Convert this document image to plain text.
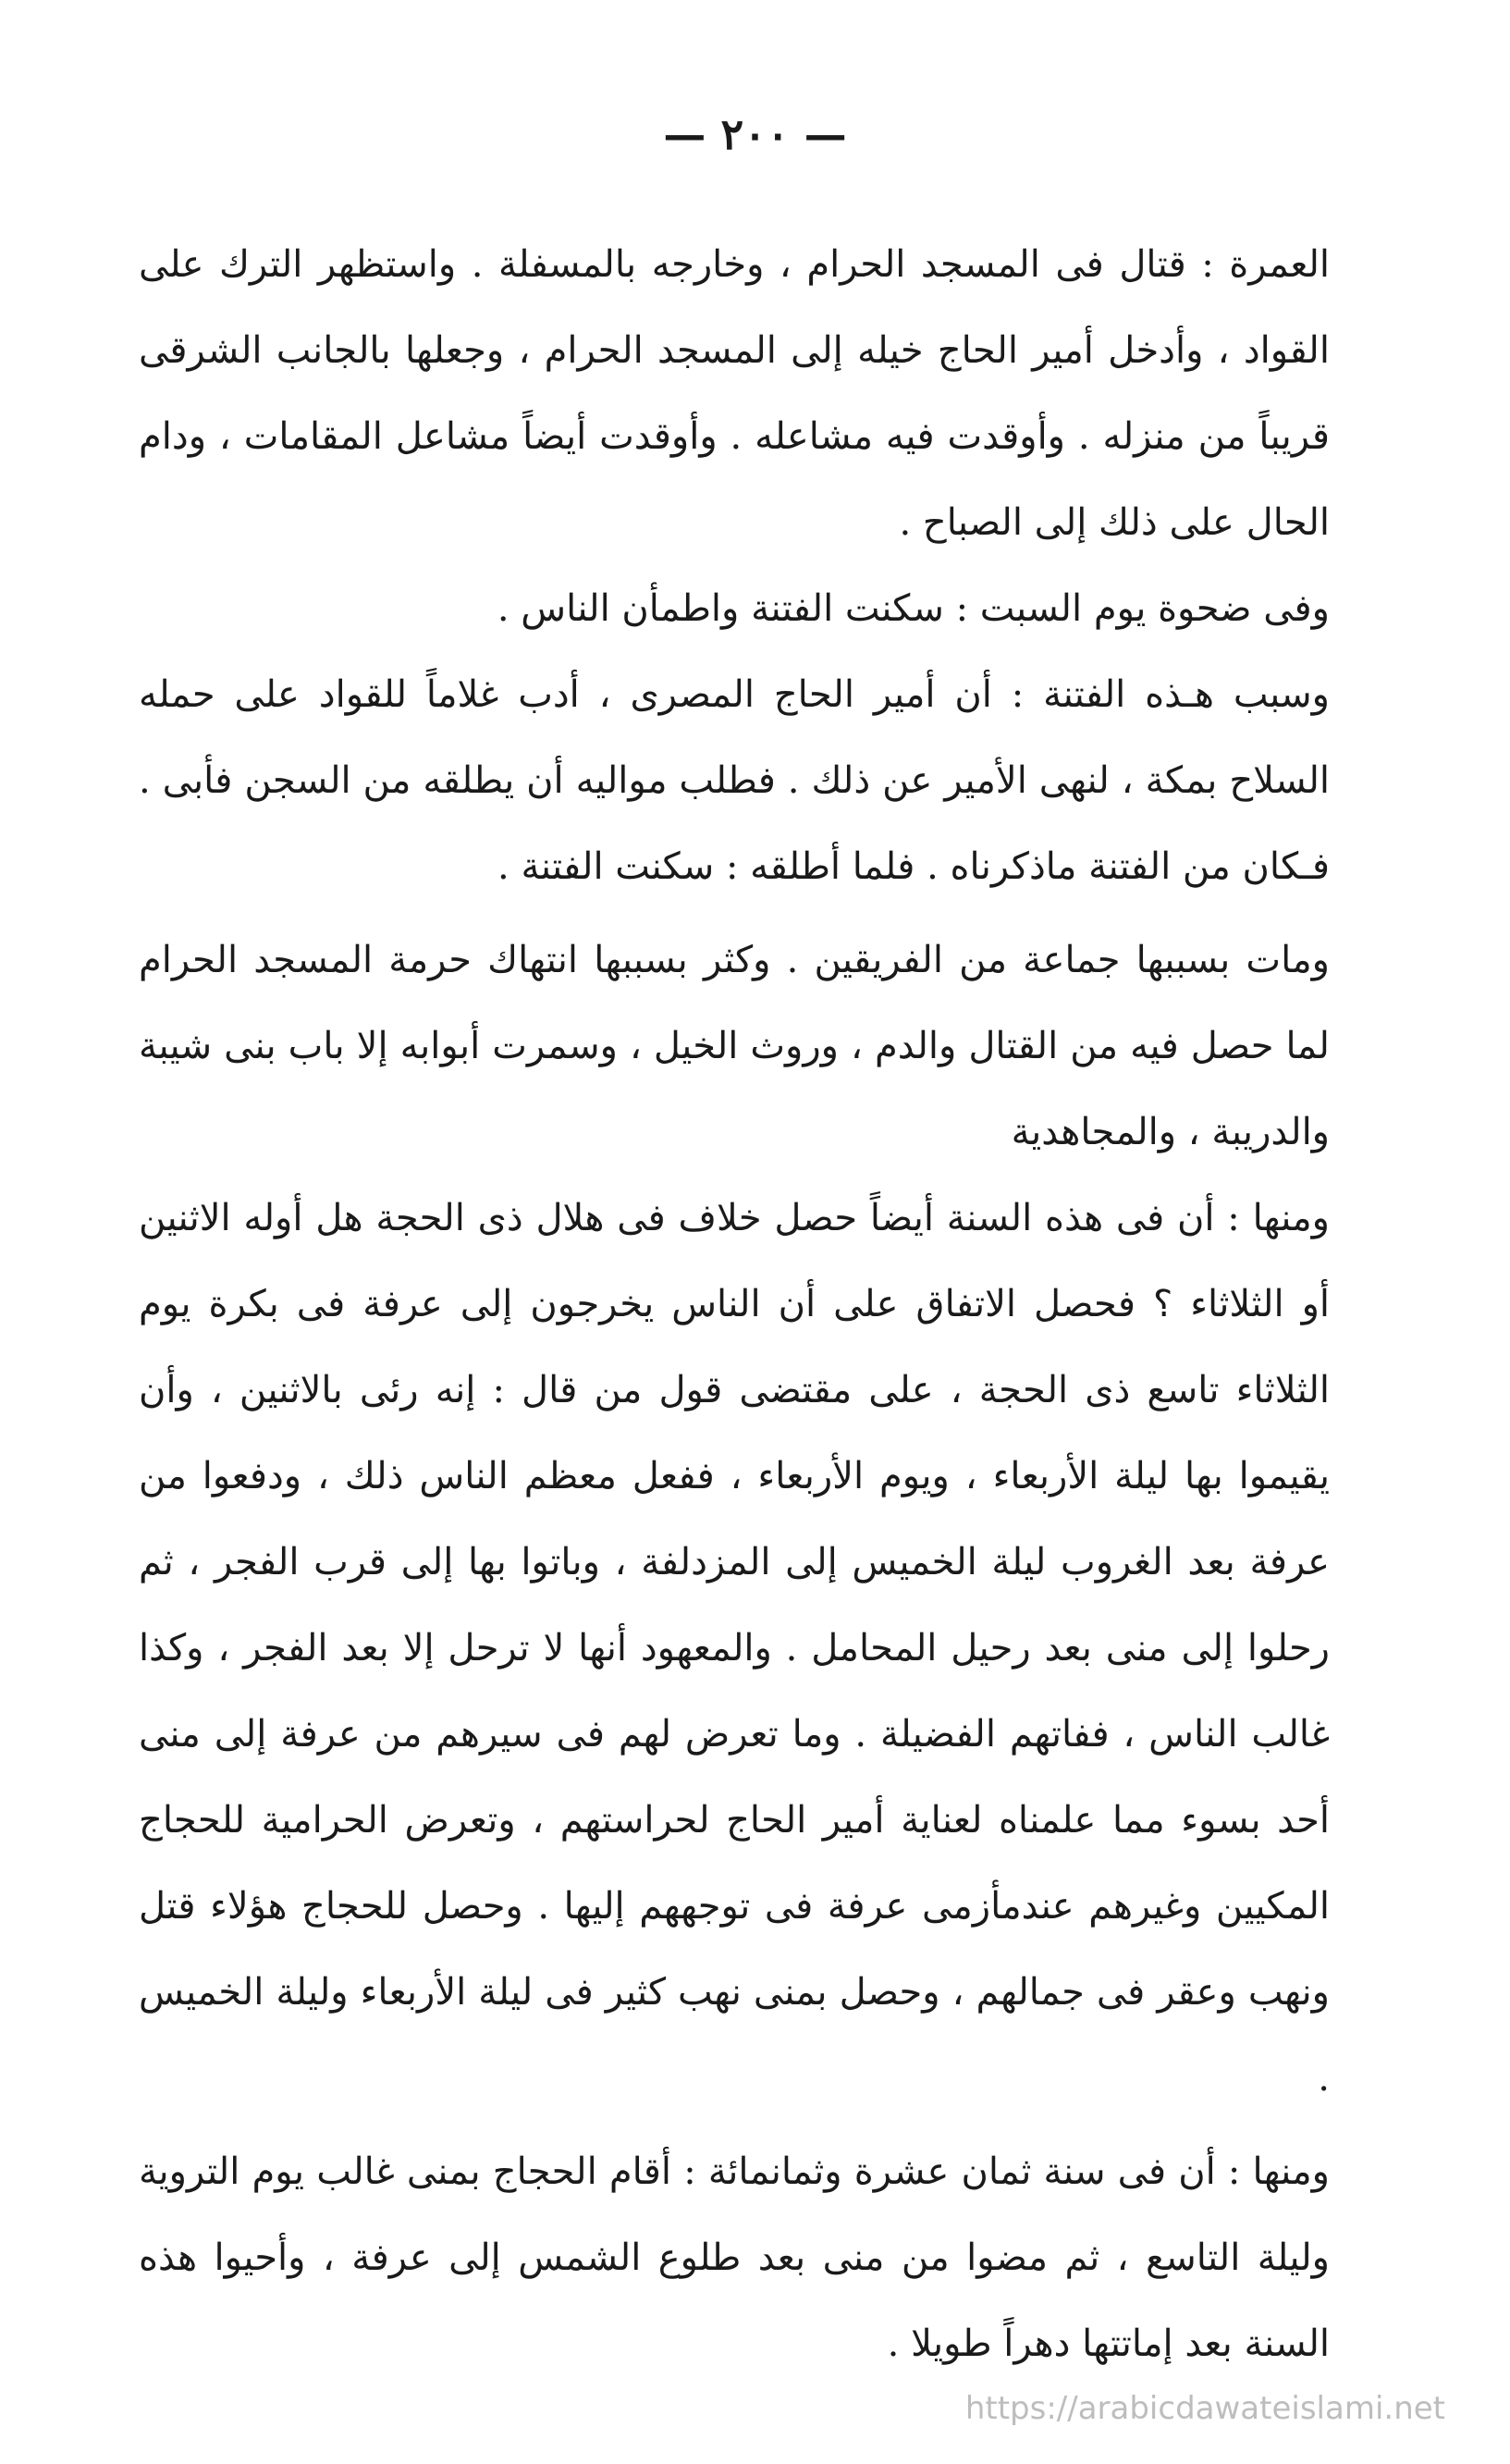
— ٢٠٠ —

العمرة : قتال فى المسجد الحرام ، وخارجه بالمسفلة . واستظهر الترك على القواد ، وأدخل أمير الحاج خيله إلى المسجد الحرام ، وجعلها بالجانب الشرقى قريباً من منزله . وأوقدت فيه مشاعله . وأوقدت أيضاً مشاعل المقامات ، ودام الحال على ذلك إلى الصباح .

وفى ضحوة يوم السبت : سكنت الفتنة واطمأن الناس .

وسبب هـذه الفتنة : أن أمير الحاج المصرى ، أدب غلاماً للقواد على حمله السلاح بمكة ، لنهى الأمير عن ذلك . فطلب مواليه أن يطلقه من السجن فأبى . فـكان من الفتنة ماذكرناه . فلما أطلقه : سكنت الفتنة .

ومات بسببها جماعة من الفريقين . وكثر بسببها انتهاك حرمة المسجد الحرام لما حصل فيه من القتال والدم ، وروث الخيل ، وسمرت أبوابه إلا باب بنى شيبة والدريبة ، والمجاهدية

ومنها : أن فى هذه السنة أيضاً حصل خلاف فى هلال ذى الحجة هل أوله الاثنين أو الثلاثاء ؟ فحصل الاتفاق على أن الناس يخرجون إلى عرفة فى بكرة يوم الثلاثاء تاسع ذى الحجة ، على مقتضى قول من قال : إنه رئى بالاثنين ، وأن يقيموا بها ليلة الأربعاء ، ويوم الأربعاء ، ففعل معظم الناس ذلك ، ودفعوا من عرفة بعد الغروب ليلة الخميس إلى المزدلفة ، وباتوا بها إلى قرب الفجر ، ثم رحلوا إلى منى بعد رحيل المحامل . والمعهود أنها لا ترحل إلا بعد الفجر ، وكذا غالب الناس ، ففاتهم الفضيلة . وما تعرض لهم فى سيرهم من عرفة إلى منى أحد بسوء مما علمناه لعناية أمير الحاج لحراستهم ، وتعرض الحرامية للحجاج المكيين وغيرهم عندمأزمى عرفة فى توجههم إليها . وحصل للحجاج هؤلاء قتل ونهب وعقر فى جمالهم ، وحصل بمنى نهب كثير فى ليلة الأربعاء وليلة الخميس .

ومنها : أن فى سنة ثمان عشرة وثمانمائة : أقام الحجاج بمنى غالب يوم التروية وليلة التاسع ، ثم مضوا من منى بعد طلوع الشمس إلى عرفة ، وأحيوا هذه السنة بعد إماتتها دهراً طويلا .

https://arabicdawateislami.net
